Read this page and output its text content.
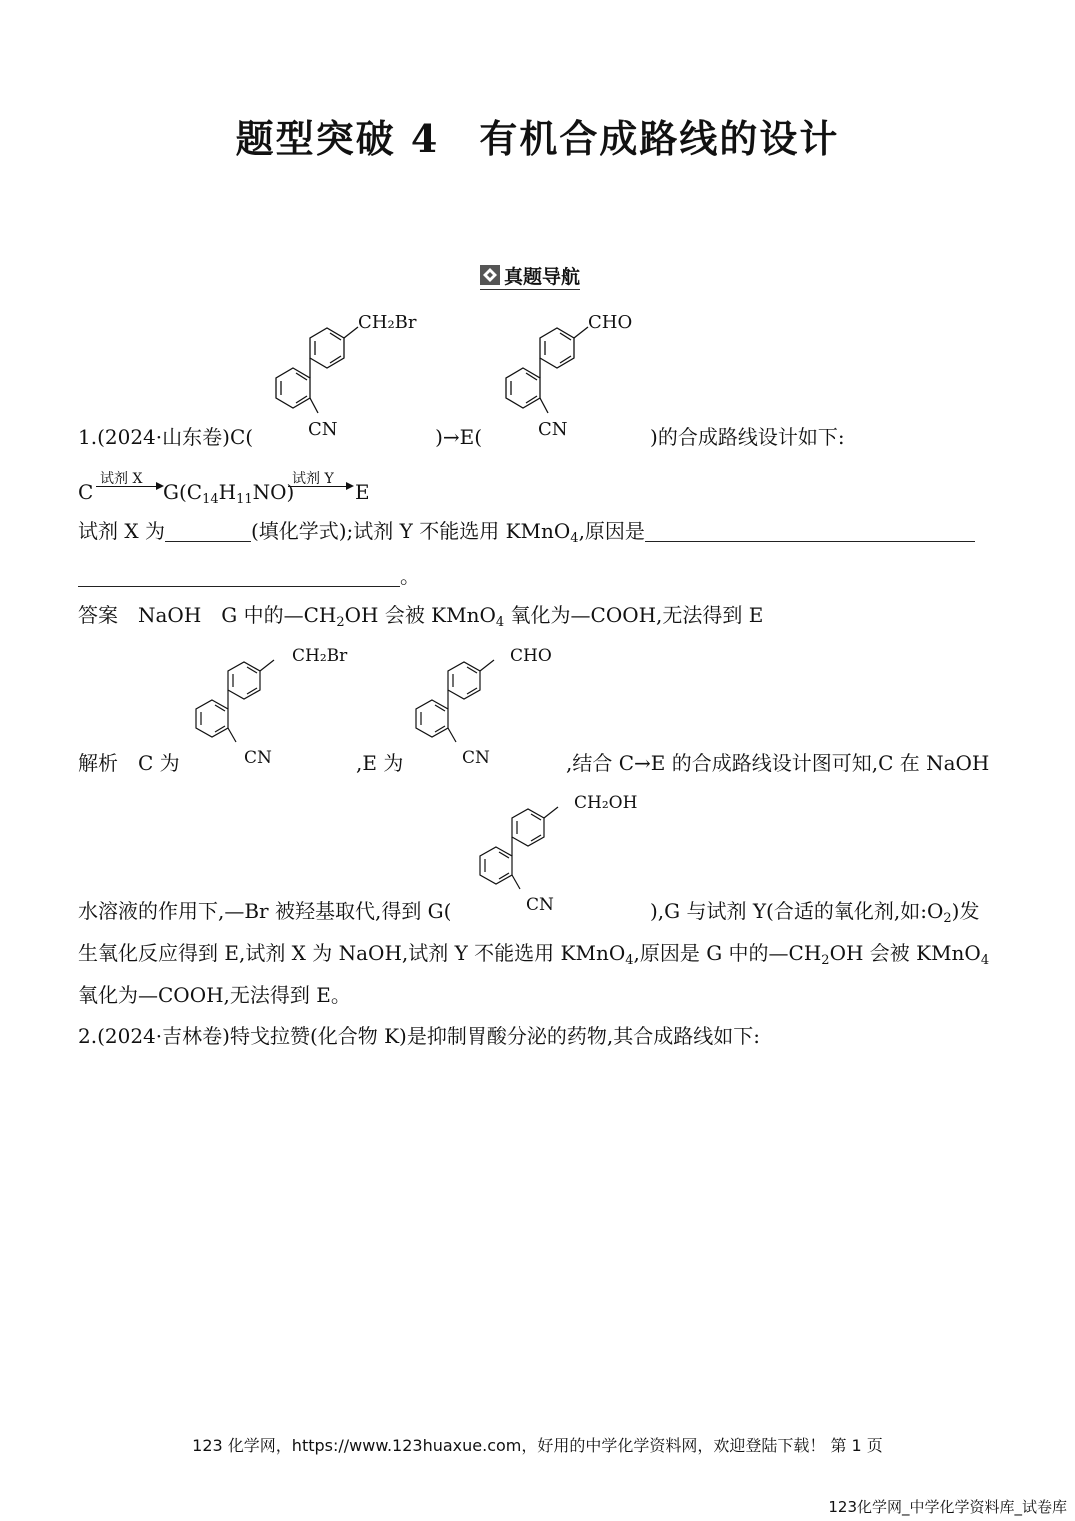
题型突破 4　有机合成路线的设计
真题导航
CH₂Br
CN
CHO
CN
1.(2024·山东卷)C(	)→E(	)的合成路线设计如下:
C
试剂 X
$G(C_{14}H_{11}NO)$
试剂 Y
E
试剂 X 为	(填化学式);试剂 Y 不能选用 KMnO$_4$,原因是
。
答案　 NaOH　G 中的$—CH_2OH$ 会被 KMnO$_4$ 氧化为—COOH,无法得到 E
CH₂Br
CN
CHO
CN
解析　 C 为	,E 为	,结合 C→E 的合成路线设计图可知,C 在 NaOH
CH₂OH
CN
水溶液的作用下,—Br 被羟基取代,得到 G(	),G 与试剂 Y(合适的氧化剂,如$:O_2$)发
生氧化反应得到 E,试剂 X 为 NaOH,试剂 Y 不能选用 KMnO$_4$,原因是 G 中的$—CH_2OH$ 会被 KMnO$_4$
氧化为—COOH,无法得到 E。
2.(2024·吉林卷)特戈拉赞(化合物 K)是抑制胃酸分泌的药物,其合成路线如下:
123 化学网，https://www.123huaxue.com，好用的中学化学资料网，欢迎登陆下载！ 第 1 页
123化学网_中学化学资料库_试卷库
